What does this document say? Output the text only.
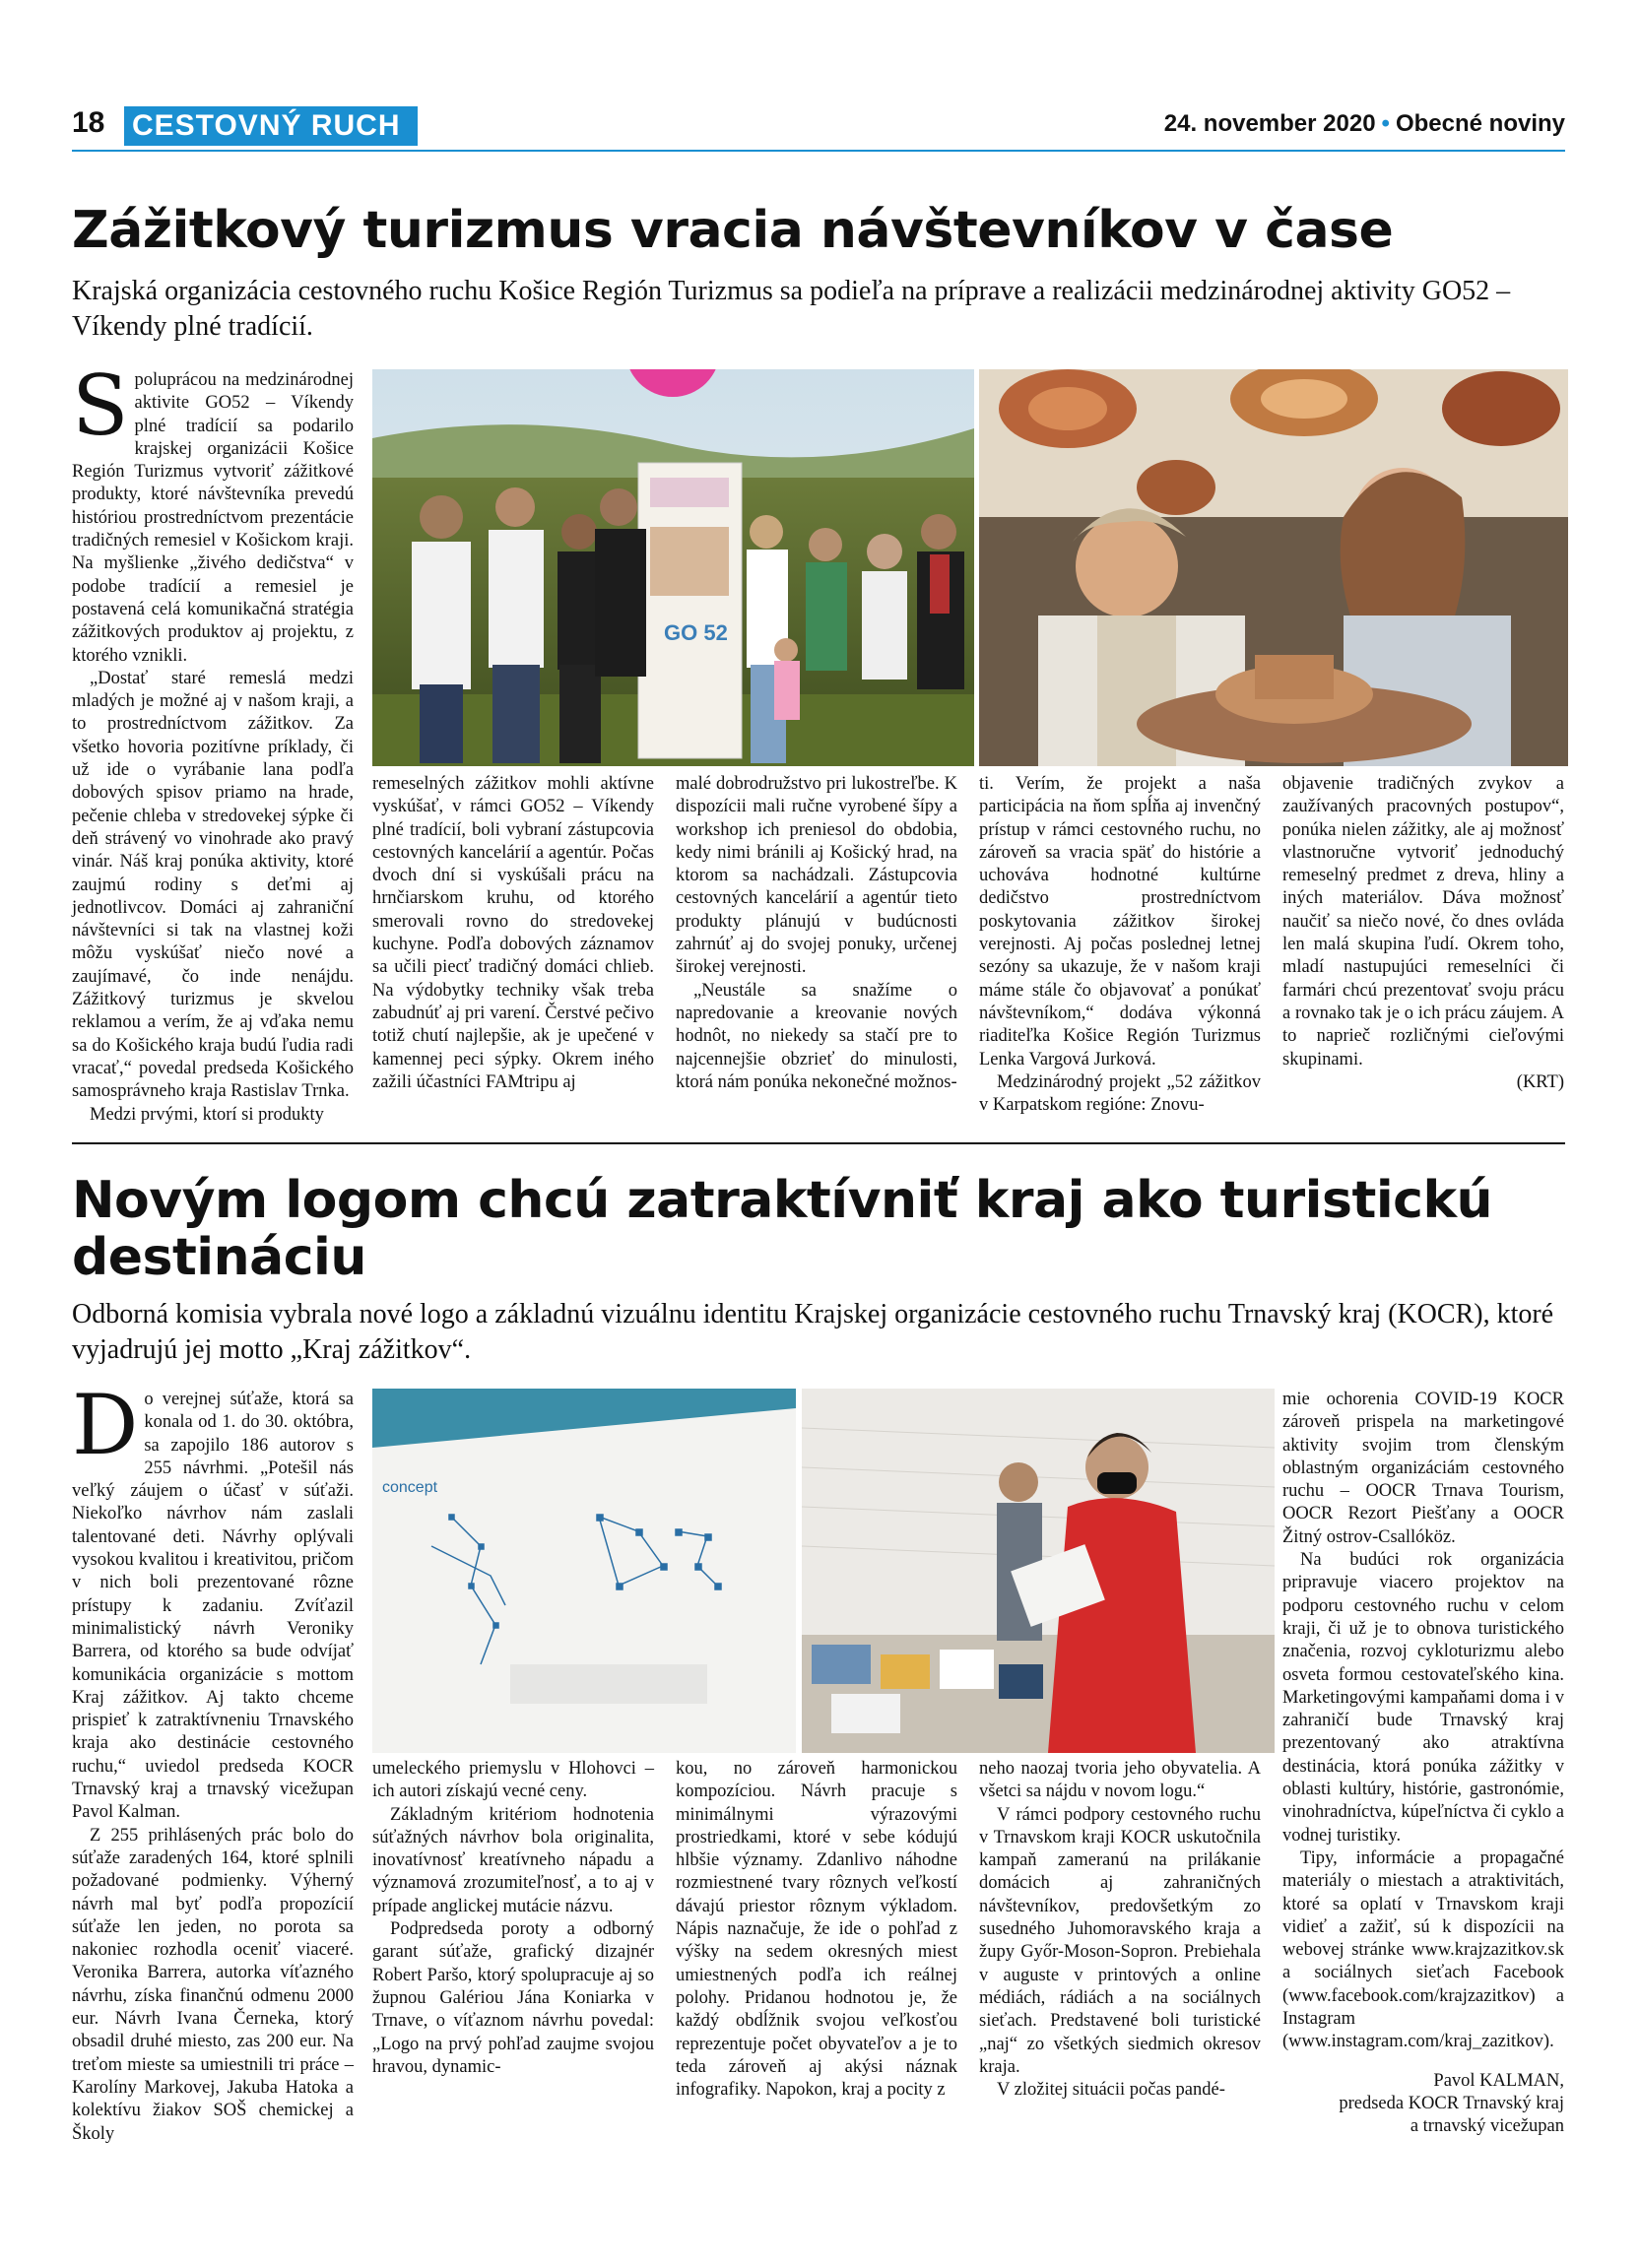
18 CESTOVNÝ RUCH	24. november 2020 • Obecné noviny
Zážitkový turizmus vracia návštevníkov v čase

Krajská organizácia cestovného ruchu Košice Región Turizmus sa podieľa na príprave a realizácii medzinárodnej aktivity GO52 – Víkendy plné tradícií.

Spoluprácou na medzinárodnej aktivite GO52 – Víkendy plné tradícií sa podarilo krajskej organizácii Košice Región Turizmus vytvoriť zážitkové produkty, ktoré návštevníka prevedú históriou prostredníctvom prezentácie tradičných remesiel v Košickom kraji. Na myšlienke „živého dedičstva“ v podobe tradícií a remesiel je postavená celá komunikačná stratégia zážitkových produktov aj projektu, z ktorého vznikli.

„Dostať staré remeslá medzi mladých je možné aj v našom kraji, a to prostredníctvom zážitkov. Za všetko hovoria pozitívne príklady, či už ide o vyrábanie lana podľa dobových spisov priamo na hrade, pečenie chleba v stredovekej sýpke či deň strávený vo vinohrade ako pravý vinár. Náš kraj ponúka aktivity, ktoré zaujmú rodiny s deťmi aj jednotlivcov. Domáci aj zahraniční návštevníci si tak na vlastnej koži môžu vyskúšať niečo nové a zaujímavé, čo inde nenájdu. Zážitkový turizmus je skvelou reklamou a verím, že aj vďaka nemu sa do Košického kraja budú ľudia radi vracať,“ povedal predseda Košického samosprávneho kraja Rastislav Trnka.

Medzi prvými, ktorí si produkty

GO 52

remeselných zážitkov mohli aktívne vyskúšať, v rámci GO52 – Víkendy plné tradícií, boli vybraní zástupcovia cestovných kancelárií a agentúr. Počas dvoch dní si vyskúšali prácu na hrnčiarskom kruhu, od ktorého smerovali rovno do stredovekej kuchyne. Podľa dobových záznamov sa učili piecť tradičný domáci chlieb. Na výdobytky techniky však treba zabudnúť aj pri varení. Čerstvé pečivo totiž chutí najlepšie, ak je upečené v kamennej peci sýpky. Okrem iného zažili účastníci FAMtripu aj

malé dobrodružstvo pri lukostreľbe. K dispozícii mali ručne vyrobené šípy a workshop ich preniesol do obdobia, kedy nimi bránili aj Košický hrad, na ktorom sa nachádzali. Zástupcovia cestovných kancelárií a agentúr tieto produkty plánujú v budúcnosti zahrnúť aj do svojej ponuky, určenej širokej verejnosti.

„Neustále sa snažíme o napredovanie a kreovanie nových hodnôt, no niekedy sa stačí pre to najcennejšie obzrieť do minulosti, ktorá nám ponúka nekonečné možnos-

ti. Verím, že projekt a naša participácia na ňom spĺňa aj invenčný prístup v rámci cestovného ruchu, no zároveň sa vracia späť do histórie a uchováva hodnotné kultúrne dedičstvo prostredníctvom poskytovania zážitkov širokej verejnosti. Aj počas poslednej letnej sezóny sa ukazuje, že v našom kraji máme stále čo objavovať a ponúkať návštevníkom,“ dodáva výkonná riaditeľka Košice Región Turizmus Lenka Vargová Jurková.

Medzinárodný projekt „52 zážitkov v Karpatskom regióne: Znovu-

objavenie tradičných zvykov a zaužívaných pracovných postupov“, ponúka nielen zážitky, ale aj možnosť vlastnoručne vytvoriť jednoduchý remeselný predmet z dreva, hliny a iných materiálov. Dáva možnosť naučiť sa niečo nové, čo dnes ovláda len malá skupina ľudí. Okrem toho, mladí nastupujúci remeselníci či farmári chcú prezentovať svoju prácu a rovnako tak je o ich prácu záujem. A to naprieč rozličnými cieľovými skupinami.

(KRT)

Novým logom chcú zatraktívniť kraj ako turistickú destináciu

Odborná komisia vybrala nové logo a základnú vizuálnu identitu Krajskej organizácie cestovného ruchu Trnavský kraj (KOCR), ktoré vyjadrujú jej motto „Kraj zážitkov“.

Do verejnej súťaže, ktorá sa konala od 1. do 30. októbra, sa zapojilo 186 autorov s 255 návrhmi. „Potešil nás veľký záujem o účasť v súťaži. Niekoľko návrhov nám zaslali talentované deti. Návrhy oplývali vysokou kvalitou i kreativitou, pričom v nich boli prezentované rôzne prístupy k zadaniu. Zvíťazil minimalistický návrh Veroniky Barrera, od ktorého sa bude odvíjať komunikácia organizácie s mottom Kraj zážitkov. Aj takto chceme prispieť k zatraktívneniu Trnavského kraja ako destinácie cestovného ruchu,“ uviedol predseda KOCR Trnavský kraj a trnavský vicežupan Pavol Kalman.

Z 255 prihlásených prác bolo do súťaže zaradených 164, ktoré splnili požadované podmienky. Výherný návrh mal byť podľa propozícií súťaže len jeden, no porota sa nakoniec rozhodla oceniť viaceré. Veronika Barrera, autorka víťazného návrhu, získa finančnú odmenu 2000 eur. Návrh Ivana Černeka, ktorý obsadil druhé miesto, zas 200 eur. Na treťom mieste sa umiestnili tri práce – Karolíny Markovej, Jakuba Hatoka a kolektívu žiakov SOŠ chemickej a Školy

concept

umeleckého priemyslu v Hlohovci – ich autori získajú vecné ceny.

Základným kritériom hodnotenia súťažných návrhov bola originalita, inovatívnosť kreatívneho nápadu a významová zrozumiteľnosť, a to aj v prípade anglickej mutácie názvu.

Podpredseda poroty a odborný garant súťaže, grafický dizajnér Robert Paršo, ktorý spolupracuje aj so župnou Galériou Jána Koniarka v Trnave, o víťaznom návrhu povedal: „Logo na prvý pohľad zaujme svojou hravou, dynamic-

kou, no zároveň harmonickou kompozíciou. Návrh pracuje s minimálnymi výrazovými prostriedkami, ktoré v sebe kódujú hlbšie významy. Zdanlivo náhodne rozmiestnené tvary rôznych veľkostí dávajú priestor rôznym výkladom. Nápis naznačuje, že ide o pohľad z výšky na sedem okresných miest umiestnených podľa ich reálnej polohy. Pridanou hodnotou je, že každý obdĺžnik svojou veľkosťou reprezentuje počet obyvateľov a je to teda zároveň aj akýsi náznak infografiky. Napokon, kraj a pocity z

neho naozaj tvoria jeho obyvatelia. A všetci sa nájdu v novom logu.“

V rámci podpory cestovného ruchu v Trnavskom kraji KOCR uskutočnila kampaň zameranú na prilákanie domácich aj zahraničných návštevníkov, predovšetkým zo susedného Juhomoravského kraja a župy Győr-Moson-Sopron. Prebiehala v auguste v printových a online médiách, rádiách a na sociálnych sieťach. Predstavené boli turistické „naj“ zo všetkých siedmich okresov kraja.

V zložitej situácii počas pandé-

mie ochorenia COVID-19 KOCR zároveň prispela na marketingové aktivity svojim trom členským oblastným organizáciám cestovného ruchu – OOCR Trnava Tourism, OOCR Rezort Piešťany a OOCR Žitný ostrov-Csallóköz.

Na budúci rok organizácia pripravuje viacero projektov na podporu cestovného ruchu v celom kraji, či už je to obnova turistického značenia, rozvoj cykloturizmu alebo osveta formou cestovateľského kina. Marketingovými kampaňami doma i v zahraničí bude Trnavský kraj prezentovaný ako atraktívna destinácia, ktorá ponúka zážitky v oblasti kultúry, histórie, gastronómie, vinohradníctva, kúpeľníctva či cyklo a vodnej turistiky.

Tipy, informácie a propagačné materiály o miestach a atraktivitách, ktoré sa oplatí v Trnavskom kraji vidieť a zažiť, sú k dispozícii na webovej stránke www.krajzazitkov.sk a sociálnych sieťach Facebook (www.facebook.com/krajzazitkov) a Instagram (www.instagram.com/kraj_zazitkov).

Pavol KALMAN,
predseda KOCR Trnavský kraj
a trnavský vicežupan
